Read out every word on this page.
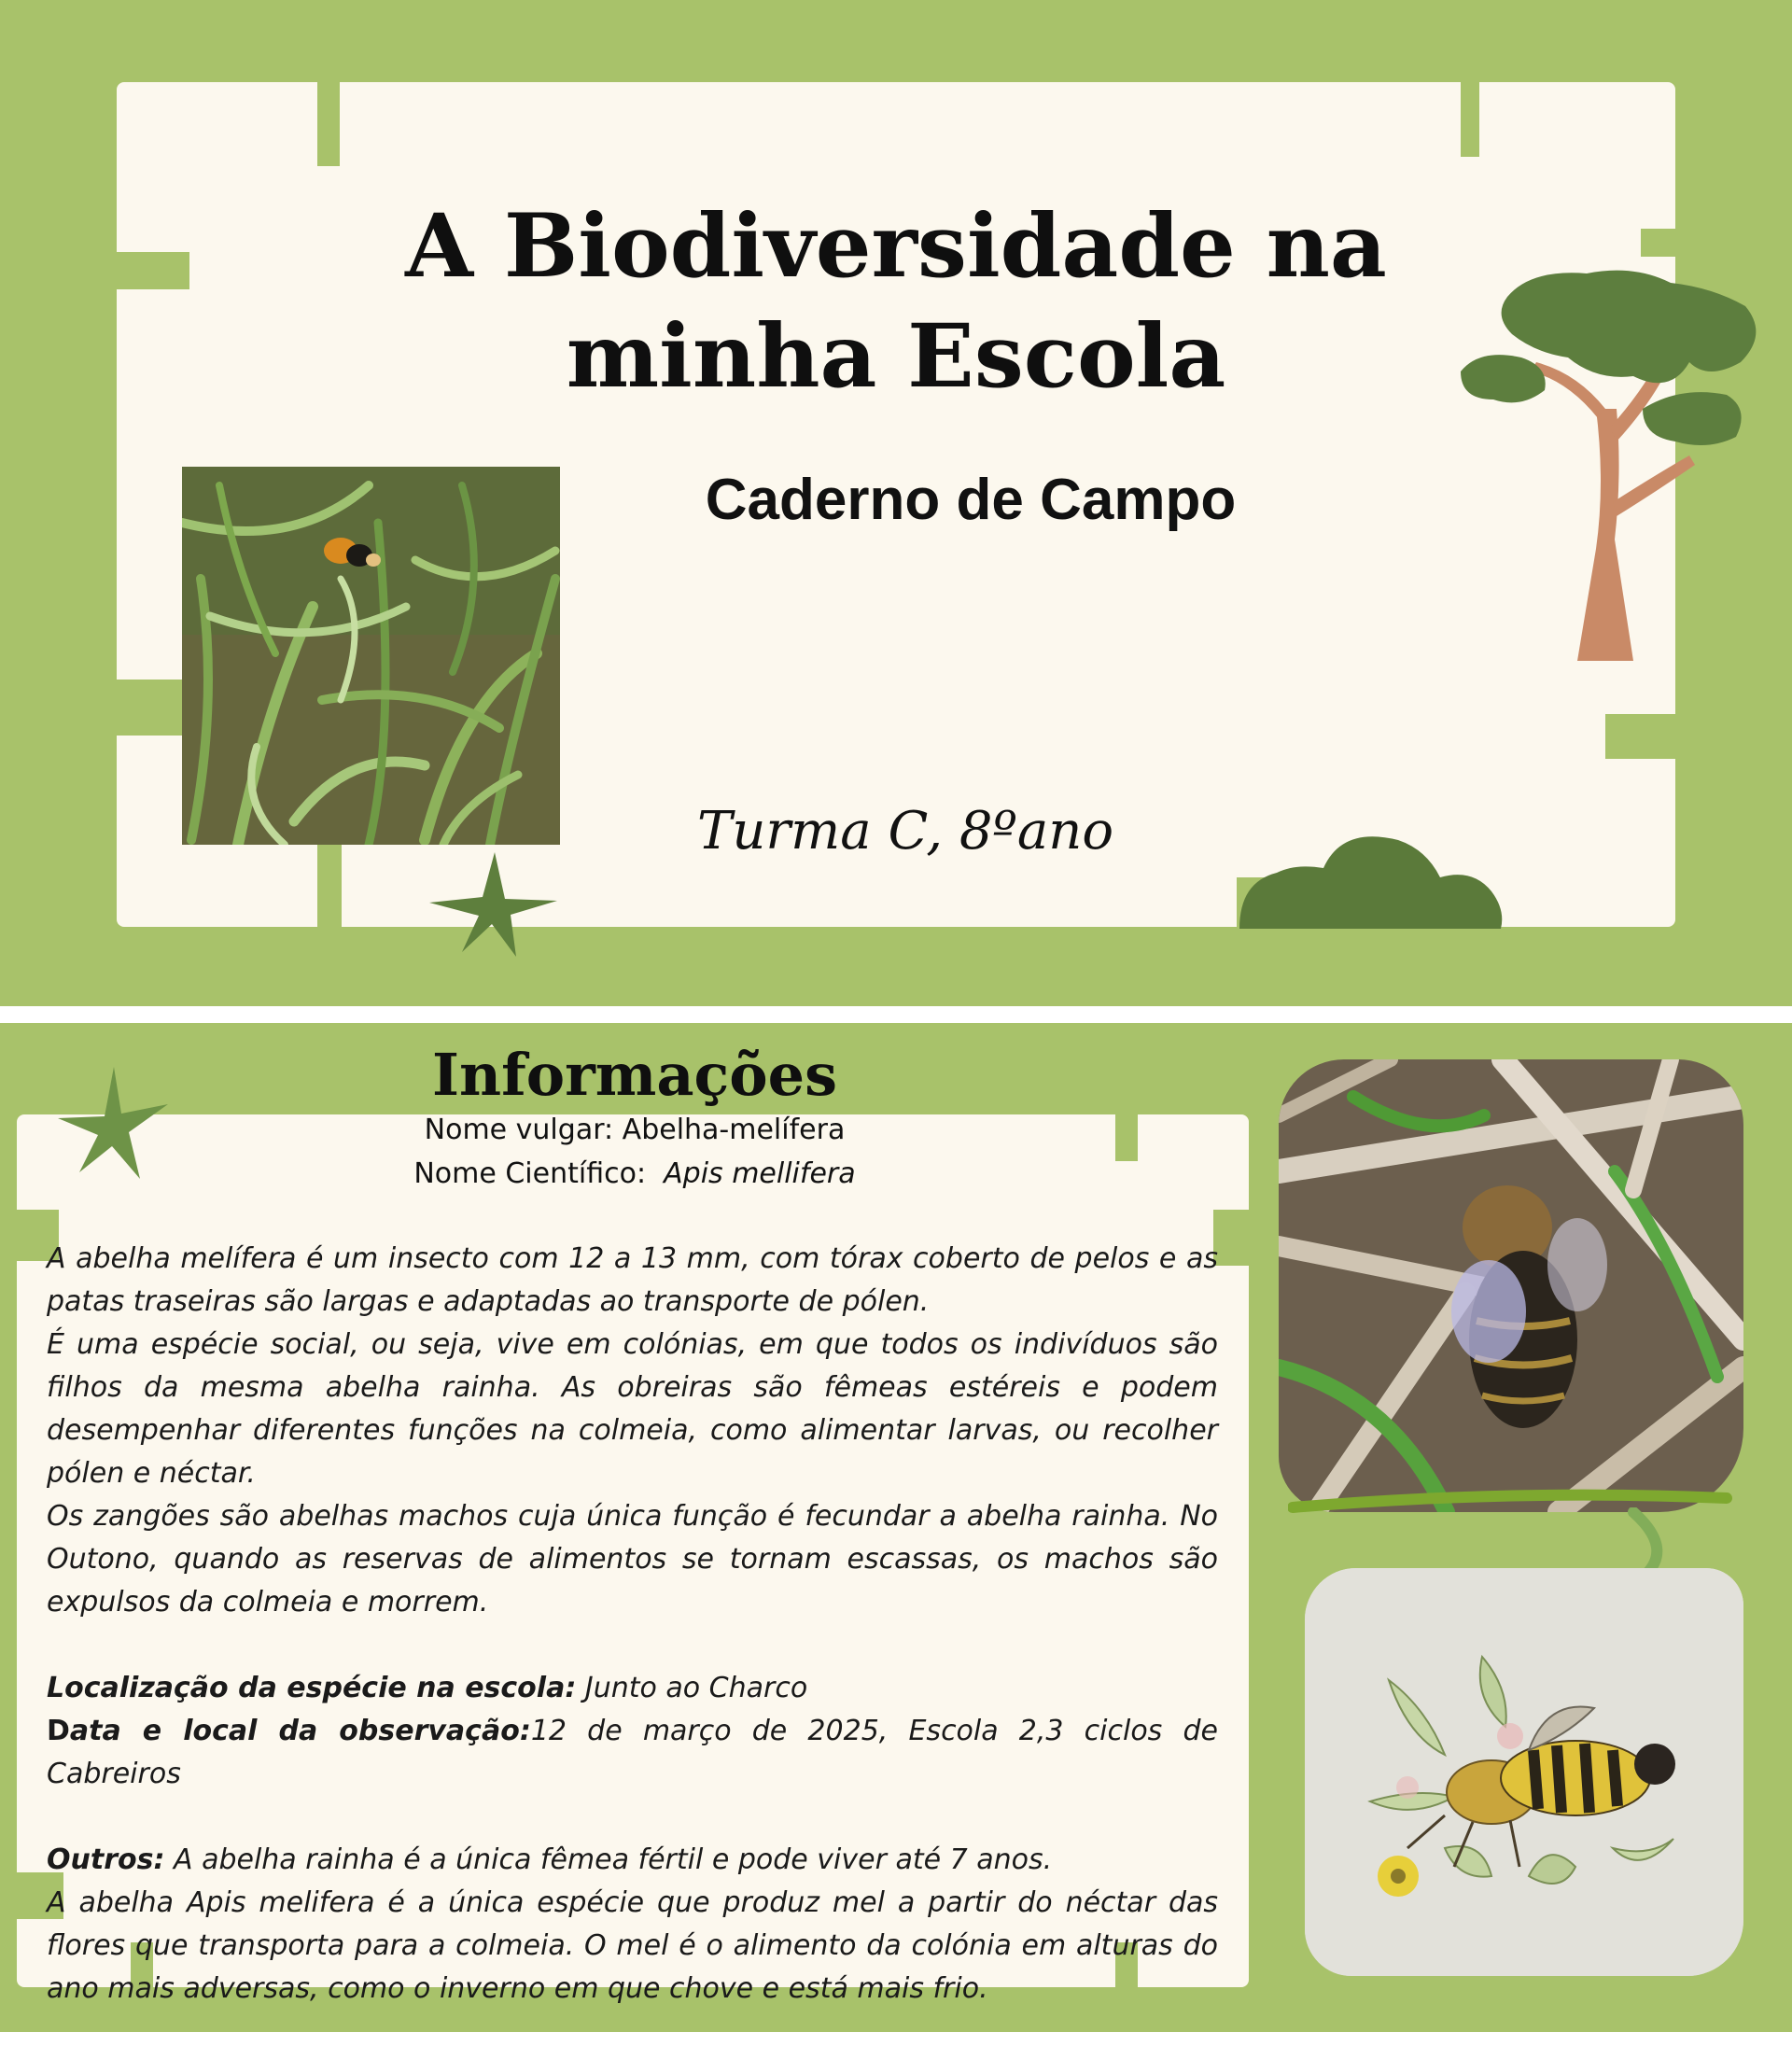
A Biodiversidade na
minha Escola
Caderno de Campo
Turma C, 8ºano
Informações
Nome vulgar: Abelha-melífera
Nome Científico: Apis mellifera

A abelha melífera é um insecto com 12 a 13 mm, com tórax coberto de pelos e as patas traseiras são largas e adaptadas ao transporte de pólen.

É uma espécie social, ou seja, vive em colónias, em que todos os indivíduos são filhos da mesma abelha rainha. As obreiras são fêmeas estéreis e podem desempenhar diferentes funções na colmeia, como alimentar larvas, ou recolher pólen e néctar.

Os zangões são abelhas machos cuja única função é fecundar a abelha rainha. No Outono, quando as reservas de alimentos se tornam escassas, os machos são expulsos da colmeia e morrem.

Localização da espécie na escola: Junto ao Charco

Data e local da observação:12 de março de 2025, Escola 2,3 ciclos de Cabreiros

Outros: A abelha rainha é a única fêmea fértil e pode viver até 7 anos.

A abelha Apis melifera é a única espécie que produz mel a partir do néctar das flores que transporta para a colmeia. O mel é o alimento da colónia em alturas do ano mais adversas, como o inverno em que chove e está mais frio.
